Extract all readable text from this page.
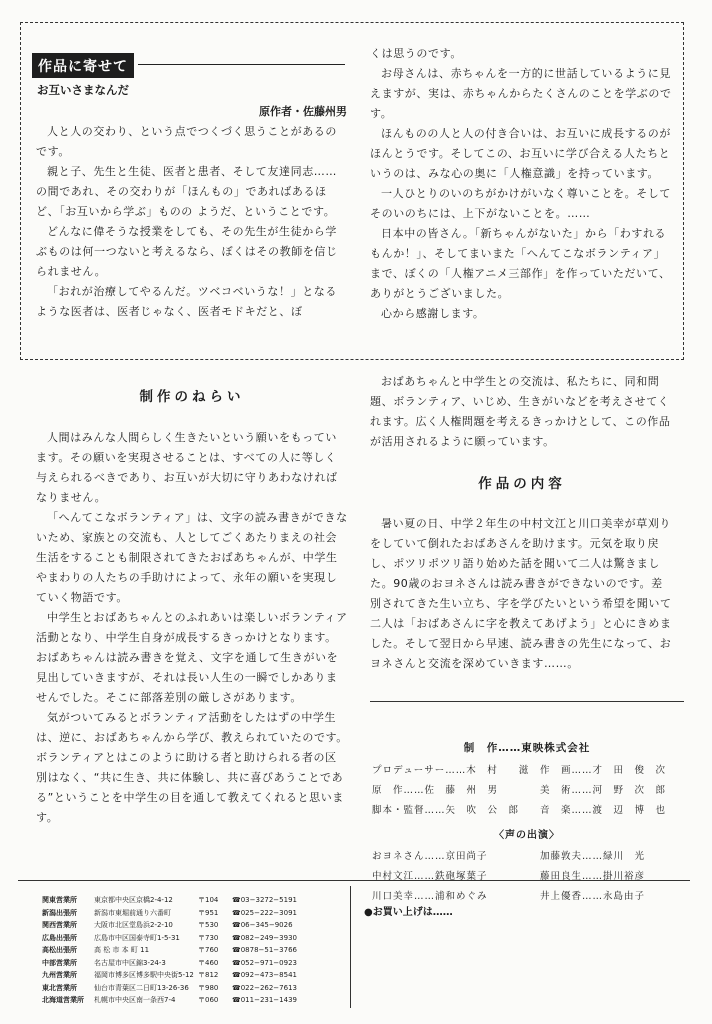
作品に寄せて
お互いさまなんだ
原作者・佐藤州男

人と人の交わり、という点でつくづく思うことがあるのです。

親と子、先生と生徒、医者と患者、そして友達同志……の間であれ、その交わりが「ほんもの」であればあるほど、「お互いから学ぶ」ものの ようだ、ということです。

どんなに偉そうな授業をしても、その先生が生徒から学ぶものは何一つないと考えるなら、ぼくはその教師を信じられません。

「おれが治療してやるんだ。ツベコベいうな！」となるような医者は、医者じゃなく、医者モドキだと、ぼ

くは思うのです。

お母さんは、赤ちゃんを一方的に世話しているように見えますが、実は、赤ちゃんからたくさんのことを学ぶのです。

ほんものの人と人の付き合いは、お互いに成長するのがほんとうです。そしてこの、お互いに学び合える人たちというのは、みな心の奥に「人権意識」を持っています。

一人ひとりのいのちがかけがいなく尊いことを。そしてそのいのちには、上下がないことを。……

日本中の皆さん。「新ちゃんがないた」から「わすれるもんか！」、そしてまいまた「へんてこなボランティア」まで、ぼくの「人権アニメ三部作」を作っていただいて、ありがとうございました。

心から感謝します。

制作のねらい

人間はみんな人間らしく生きたいという願いをもっています。その願いを実現させることは、すべての人に等しく与えられるべきであり、お互いが大切に守りあわなければなりません。

「へんてこなボランティア」は、文字の読み書きができないため、家族との交流も、人としてごくあたりまえの社会生活をすることも制限されてきたおばあちゃんが、中学生やまわりの人たちの手助けによって、永年の願いを実現していく物語です。

中学生とおばあちゃんとのふれあいは楽しいボランティア活動となり、中学生自身が成長するきっかけとなります。おばあちゃんは読み書きを覚え、文字を通して生きがいを見出していきますが、それは長い人生の一瞬でしかありませんでした。そこに部落差別の厳しさがあります。

気がついてみるとボランティア活動をしたはずの中学生は、逆に、おばあちゃんから学び、教えられていたのです。ボランティアとはこのように助ける者と助けられる者の区別はなく、“共に生き、共に体験し、共に喜びあうことである”ということを中学生の目を通して教えてくれると思います。

おばあちゃんと中学生との交流は、私たちに、同和問題、ボランティア、いじめ、生きがいなどを考えさせてくれます。広く人権問題を考えるきっかけとして、この作品が活用されるように願っています。

作品の内容

暑い夏の日、中学２年生の中村文江と川口美幸が草刈りをしていて倒れたおばあさんを助けます。元気を取り戻し、ポツリポツリ語り始めた話を聞いて二人は驚きました。90歳のおヨネさんは読み書きができないのです。差別されてきた生い立ち、字を学びたいという希望を聞いて二人は「おばあさんに字を教えてあげよう」と心にきめました。そして翌日から早速、読み書きの先生になって、おヨネさんと交流を深めていきます……。

制　作……東映株式会社
プロデューサー……木　村　　滋 作　画……才　田　俊　次
原　作……佐　藤　州　男	美　術……河　野　次　郎
脚本・監督……矢　吹　公　郎 音　楽……渡　辺　博　也
〈声の出演〉
おヨネさん……京田尚子	加藤敦夫……緑川　光
中村文江……鉄砲塚葉子	藤田良生……掛川裕彦
川口美幸……浦和めぐみ	井上優香……永島由子
関東営業所 東京都中央区京橋2-4-12	〒104 ☎03−3272−5191
新潟出張所 新潟市東堀前通り六番町	〒951 ☎025−222−3091
関西営業所 大阪市北区堂島浜2-2-10	〒530 ☎06−345−9026
広島出張所 広島市中区国泰寺町1-5-31	〒730 ☎082−249−3930
高松出張所 高 松 市 本 町 11	〒760 ☎0878−51−3766
中部営業所 名古屋市中区錦3-24-3	〒460 ☎052−971−0923
九州営業所 福岡市博多区博多駅中央街5-12 〒812 ☎092−473−8541
東北営業所 仙台市青葉区二日町13-26-36 〒980 ☎022−262−7613
北海道営業所 札幌市中央区南一条西7-4	〒060 ☎011−231−1439
●お買い上げは……
